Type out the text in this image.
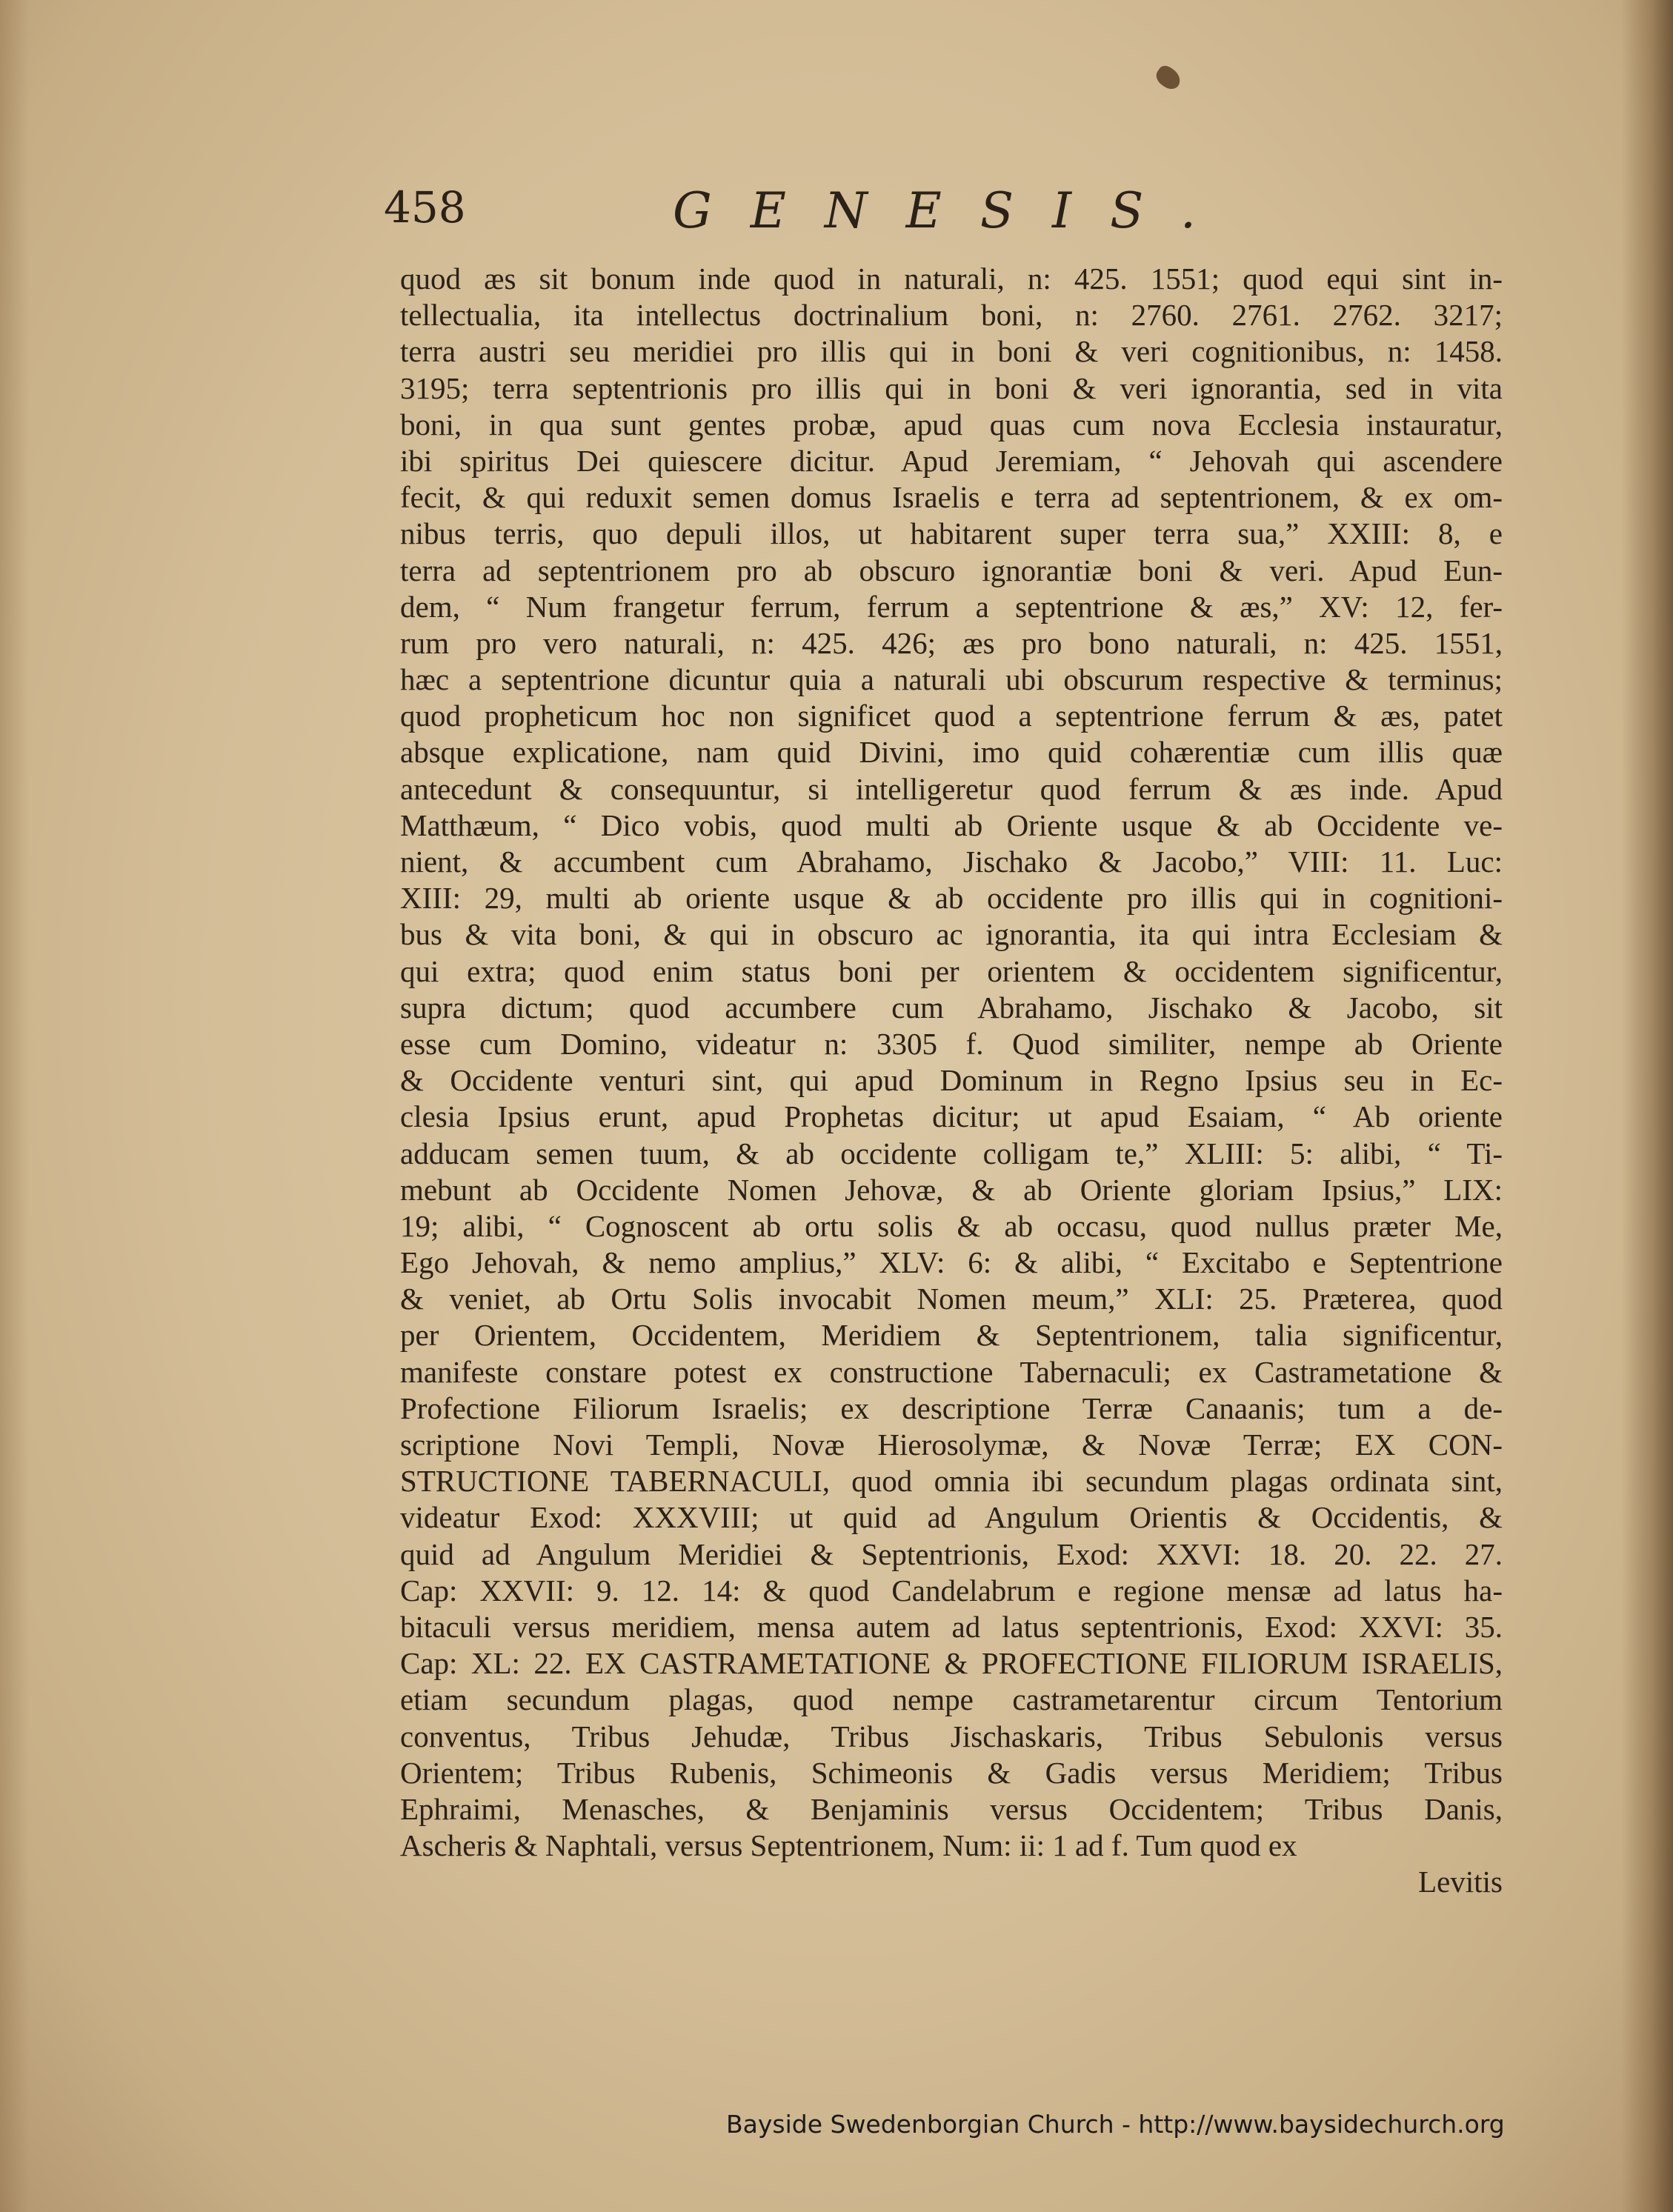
458	GENESIS.
quod æs sit bonum inde quod in naturali, n: 425. 1551; quod equi sint in-
tellectualia, ita intellectus doctrinalium boni, n: 2760. 2761. 2762. 3217;
terra austri seu meridiei pro illis qui in boni & veri cognitionibus, n: 1458.
3195; terra septentrionis pro illis qui in boni & veri ignorantia, sed in vita
boni, in qua sunt gentes probæ, apud quas cum nova Ecclesia instauratur,
ibi spiritus Dei quiescere dicitur. Apud Jeremiam, “ Jehovah qui ascendere
fecit, & qui reduxit semen domus Israelis e terra ad septentrionem, & ex om-
nibus terris, quo depuli illos, ut habitarent super terra sua,” XXIII: 8, e
terra ad septentrionem pro ab obscuro ignorantiæ boni & veri. Apud Eun-
dem, “ Num frangetur ferrum, ferrum a septentrione & æs,” XV: 12, fer-
rum pro vero naturali, n: 425. 426; æs pro bono naturali, n: 425. 1551,
hæc a septentrione dicuntur quia a naturali ubi obscurum respective & terminus;
quod propheticum hoc non significet quod a septentrione ferrum & æs, patet
absque explicatione, nam quid Divini, imo quid cohærentiæ cum illis quæ
antecedunt & consequuntur, si intelligeretur quod ferrum & æs inde. Apud
Matthæum, “ Dico vobis, quod multi ab Oriente usque & ab Occidente ve-
nient, & accumbent cum Abrahamo, Jischako & Jacobo,” VIII: 11. Luc:
XIII: 29, multi ab oriente usque & ab occidente pro illis qui in cognitioni-
bus & vita boni, & qui in obscuro ac ignorantia, ita qui intra Ecclesiam &
qui extra; quod enim status boni per orientem & occidentem significentur,
supra dictum; quod accumbere cum Abrahamo, Jischako & Jacobo, sit
esse cum Domino, videatur n: 3305 f. Quod similiter, nempe ab Oriente
& Occidente venturi sint, qui apud Dominum in Regno Ipsius seu in Ec-
clesia Ipsius erunt, apud Prophetas dicitur; ut apud Esaiam, “ Ab oriente
adducam semen tuum, & ab occidente colligam te,” XLIII: 5: alibi, “ Ti-
mebunt ab Occidente Nomen Jehovæ, & ab Oriente gloriam Ipsius,” LIX:
19; alibi, “ Cognoscent ab ortu solis & ab occasu, quod nullus præter Me,
Ego Jehovah, & nemo amplius,” XLV: 6: & alibi, “ Excitabo e Septentrione
& veniet, ab Ortu Solis invocabit Nomen meum,” XLI: 25. Præterea, quod
per Orientem, Occidentem, Meridiem & Septentrionem, talia significentur,
manifeste constare potest ex constructione Tabernaculi; ex Castrametatione &
Profectione Filiorum Israelis; ex descriptione Terræ Canaanis; tum a de-
scriptione Novi Templi, Novæ Hierosolymæ, & Novæ Terræ; EX CON-
STRUCTIONE TABERNACULI, quod omnia ibi secundum plagas ordinata sint,
videatur Exod: XXXVIII; ut quid ad Angulum Orientis & Occidentis, &
quid ad Angulum Meridiei & Septentrionis, Exod: XXVI: 18. 20. 22. 27.
Cap: XXVII: 9. 12. 14: & quod Candelabrum e regione mensæ ad latus ha-
bitaculi versus meridiem, mensa autem ad latus septentrionis, Exod: XXVI: 35.
Cap: XL: 22. EX CASTRAMETATIONE & PROFECTIONE FILIORUM ISRAELIS,
etiam secundum plagas, quod nempe castrametarentur circum Tentorium
conventus, Tribus Jehudæ, Tribus Jischaskaris, Tribus Sebulonis versus
Orientem; Tribus Rubenis, Schimeonis & Gadis versus Meridiem; Tribus
Ephraimi, Menasches, & Benjaminis versus Occidentem; Tribus Danis,
Ascheris & Naphtali, versus Septentrionem, Num: ii: 1 ad f. Tum quod ex
Levitis
Bayside Swedenborgian Church - http://www.baysidechurch.org
